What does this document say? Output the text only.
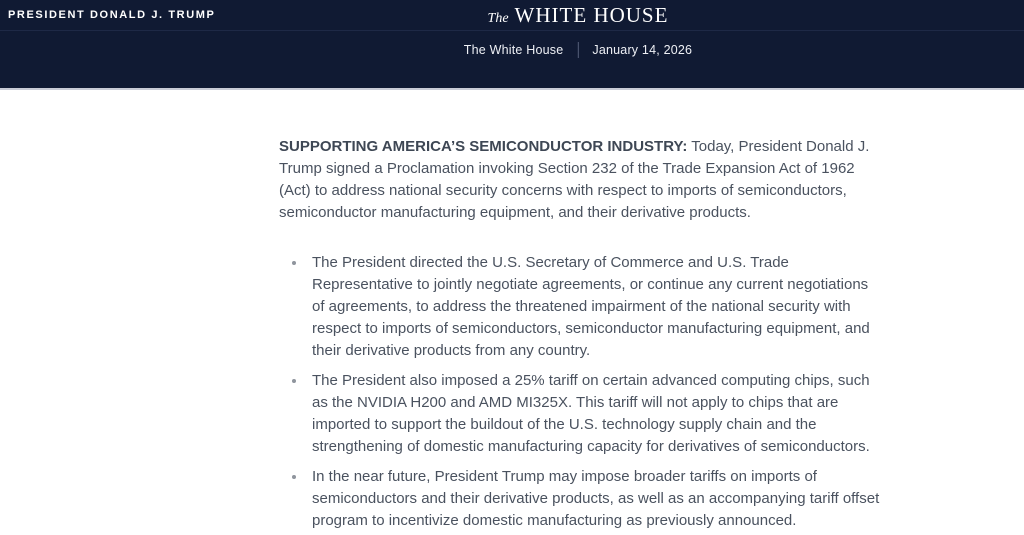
PRESIDENT DONALD J. TRUMP	The WHITE HOUSE
The White House January 14, 2026

SUPPORTING AMERICA’S SEMICONDUCTOR INDUSTRY: Today, President Donald J. Trump signed a Proclamation invoking Section 232 of the Trade Expansion Act of 1962 (Act) to address national security concerns with respect to imports of semiconductors, semiconductor manufacturing equipment, and their derivative products.

The President directed the U.S. Secretary of Commerce and U.S. Trade Representative to jointly negotiate agreements, or continue any current negotiations of agreements, to address the threatened impairment of the national security with respect to imports of semiconductors, semiconductor manufacturing equipment, and their derivative products from any country.
The President also imposed a 25% tariff on certain advanced computing chips, such as the NVIDIA H200 and AMD MI325X. This tariff will not apply to chips that are imported to support the buildout of the U.S. technology supply chain and the strengthening of domestic manufacturing capacity for derivatives of semiconductors.
In the near future, President Trump may impose broader tariffs on imports of semiconductors and their derivative products, as well as an accompanying tariff offset program to incentivize domestic manufacturing as previously announced.
